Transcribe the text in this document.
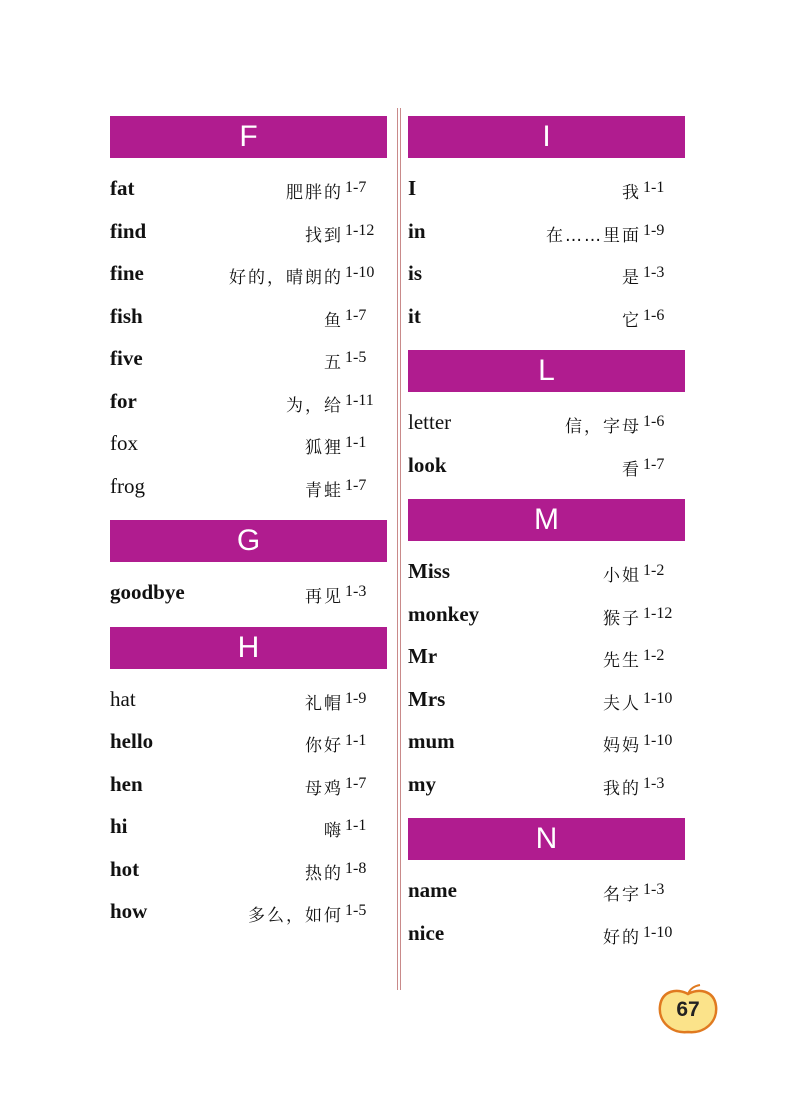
F
fat	肥胖的 1-7
find	找到 1-12
fine	好的，晴朗的 1-10
fish	鱼 1-7
five	五 1-5
for	为，给 1-11
fox	狐狸 1-1
frog	青蛙 1-7
G
goodbye	再见 1-3
H
hat	礼帽 1-9
hello	你好 1-1
hen	母鸡 1-7
hi	嗨 1-1
hot	热的 1-8
how	多么，如何 1-5
I
I	我 1-1
in	在……里面 1-9
is	是 1-3
it	它 1-6
L
letter	信，字母 1-6
look	看 1-7
M
Miss	小姐 1-2
monkey	猴子 1-12
Mr	先生 1-2
Mrs	夫人 1-10
mum	妈妈 1-10
my	我的 1-3
N
name	名字 1-3
nice	好的 1-10
67
